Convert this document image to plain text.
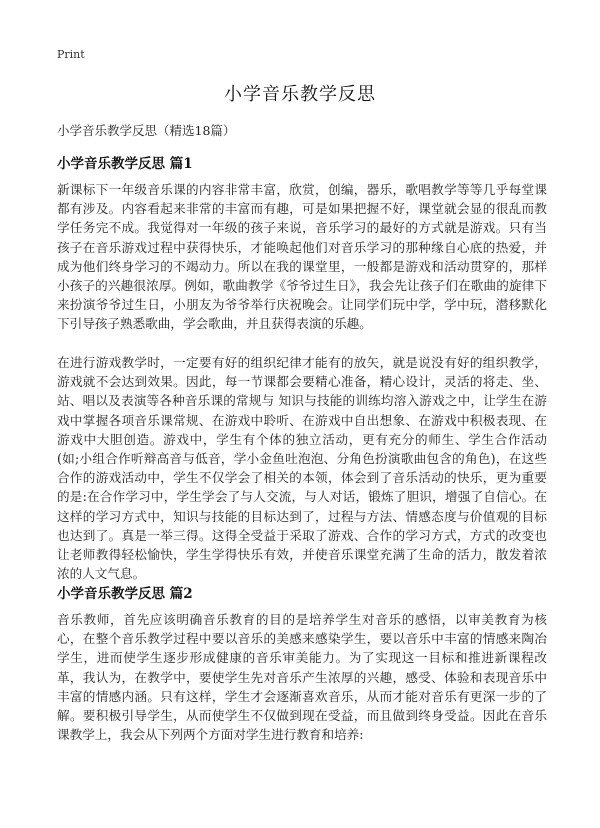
Print
小学音乐教学反思
小学音乐教学反思（精选18篇）
小学音乐教学反思 篇1
新课标下一年级音乐课的内容非常丰富，欣赏，创编，器乐，歌唱教学等等几乎每堂课都有涉及。内容看起来非常的丰富而有趣，可是如果把握不好，课堂就会显的很乱而教学任务完不成。我觉得对一年级的孩子来说，音乐学习的最好的方式就是游戏。只有当孩子在音乐游戏过程中获得快乐，才能唤起他们对音乐学习的那种缘自心底的热爱，并成为他们终身学习的不竭动力。所以在我的课堂里，一般都是游戏和活动贯穿的，那样小孩子的兴趣很浓厚。例如，歌曲教学《爷爷过生日》，我会先让孩子们在歌曲的旋律下来扮演爷爷过生日，小朋友为爷爷举行庆祝晚会。让同学们玩中学，学中玩，潜移默化下引导孩子熟悉歌曲，学会歌曲，并且获得表演的乐趣。
在进行游戏教学时，一定要有好的组织纪律才能有的放矢，就是说没有好的组织教学，游戏就不会达到效果。因此，每一节课都会要精心准备，精心设计，灵活的将走、坐、站、唱以及表演等各种音乐课的常规与 知识与技能的训练均溶入游戏之中，让学生在游戏中掌握各项音乐课常规、在游戏中聆听、在游戏中自出想象、在游戏中积极表现、在游戏中大胆创造。游戏中，学生有个体的独立活动，更有充分的师生、学生合作活动 (如;小组合作听辩高音与低音，学小金鱼吐泡泡、分角色扮演歌曲包含的角色)，在这些合作的游戏活动中，学生不仅学会了相关的本领，体会到了音乐活动的快乐，更为重要的是:在合作学习中，学生学会了与人交流，与人对话，锻炼了胆识，增强了自信心。在这样的学习方式中，知识与技能的目标达到了，过程与方法、情感态度与价值观的目标也达到了。真是一举三得。这得全受益于采取了游戏、合作的学习方式，方式的改变也让老师教得轻松愉快，学生学得快乐有效，并使音乐课堂充满了生命的活力，散发着浓浓的人文气息。
小学音乐教学反思 篇2
音乐教师，首先应该明确音乐教育的目的是培养学生对音乐的感悟，以审美教育为核心，在整个音乐教学过程中要以音乐的美感来感染学生，要以音乐中丰富的情感来陶冶学生，进而使学生逐步形成健康的音乐审美能力。为了实现这一目标和推进新课程改革，我认为，在教学中，要使学生先对音乐产生浓厚的兴趣，感受、体验和表现音乐中丰富的情感内涵。只有这样，学生才会逐渐喜欢音乐，从而才能对音乐有更深一步的了解。要积极引导学生，从而使学生不仅做到现在受益，而且做到终身受益。因此在音乐课教学上，我会从下列两个方面对学生进行教育和培养:
